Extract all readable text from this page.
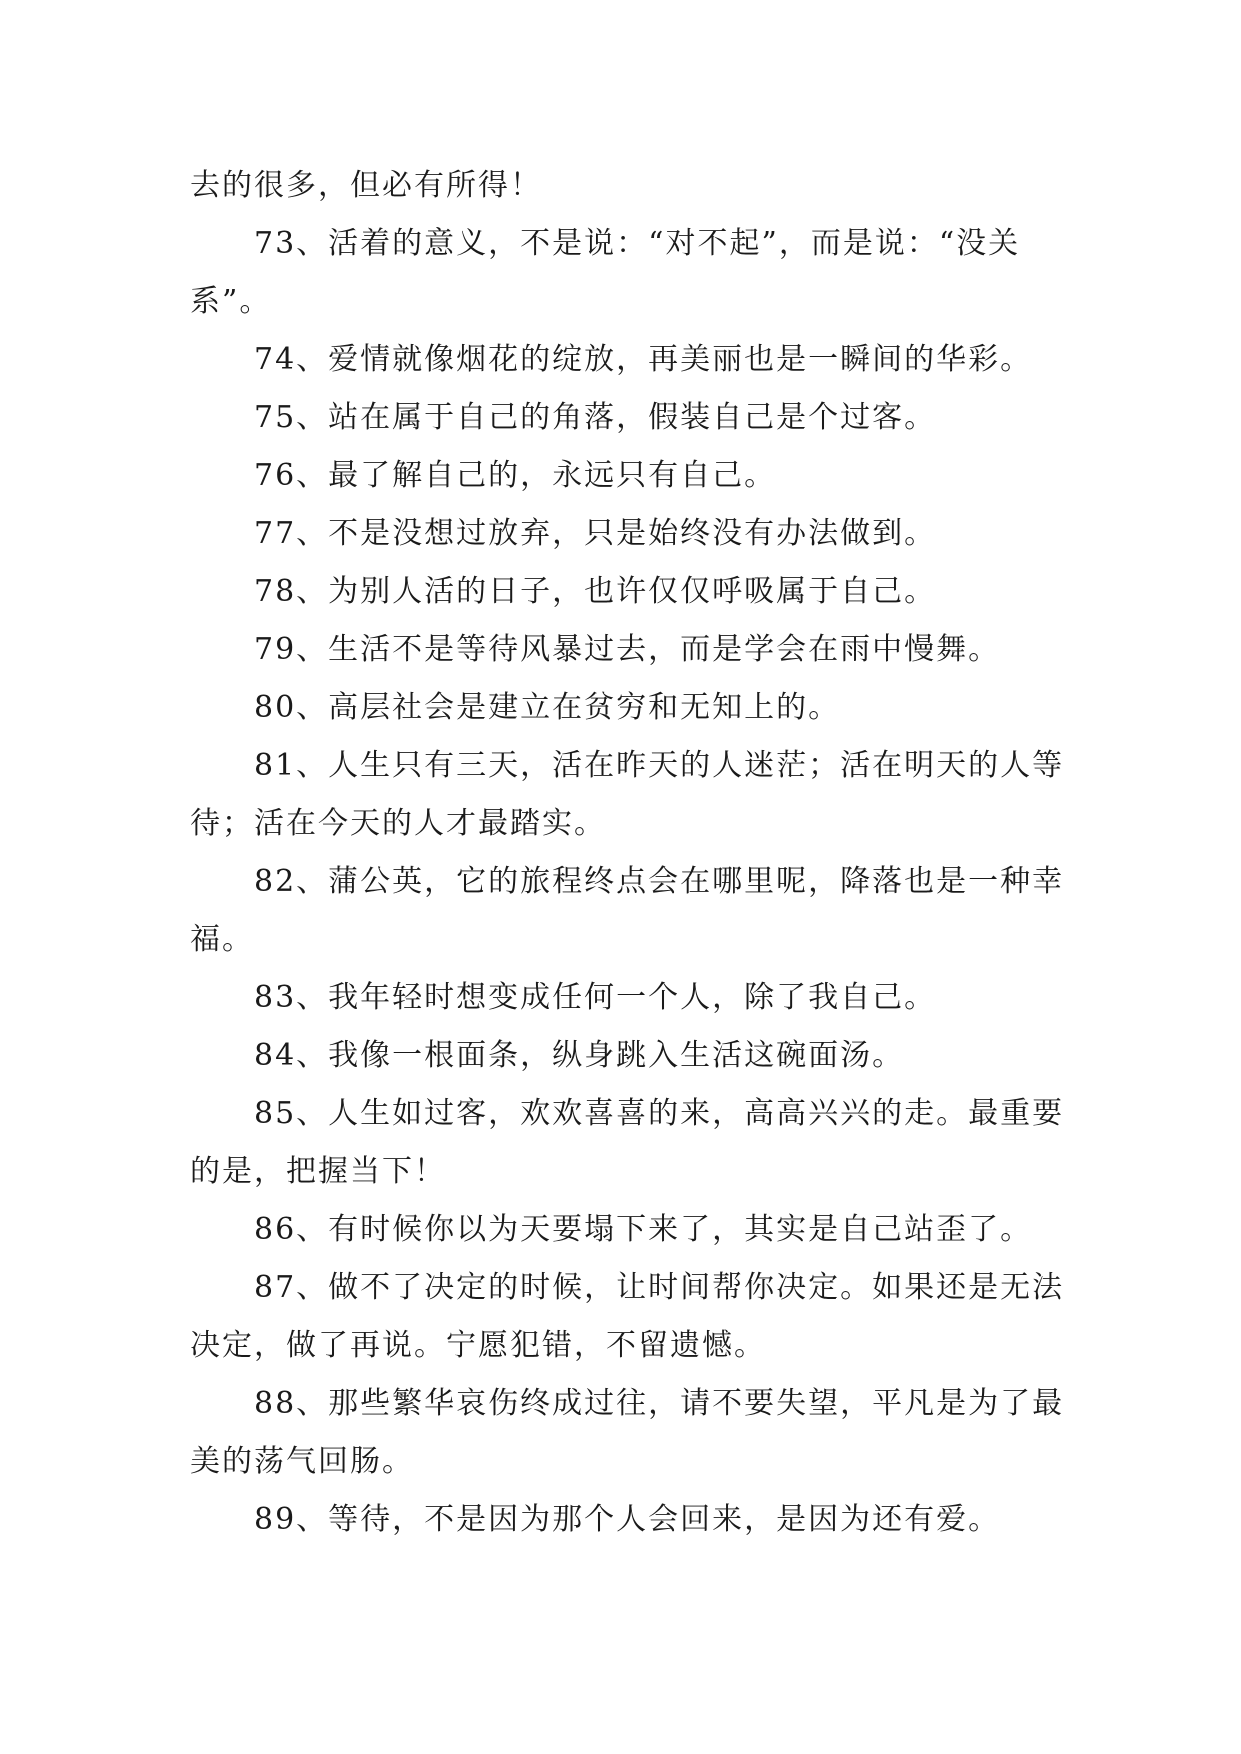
去的很多，但必有所得！

73、活着的意义，不是说：“对不起”，而是说：“没关系”。

74、爱情就像烟花的绽放，再美丽也是一瞬间的华彩。

75、站在属于自己的角落，假装自己是个过客。

76、最了解自己的，永远只有自己。

77、不是没想过放弃，只是始终没有办法做到。

78、为别人活的日子，也许仅仅呼吸属于自己。

79、生活不是等待风暴过去，而是学会在雨中慢舞。

80、高层社会是建立在贫穷和无知上的。

81、人生只有三天，活在昨天的人迷茫；活在明天的人等待；活在今天的人才最踏实。

82、蒲公英，它的旅程终点会在哪里呢，降落也是一种幸福。

83、我年轻时想变成任何一个人，除了我自己。

84、我像一根面条，纵身跳入生活这碗面汤。

85、人生如过客，欢欢喜喜的来，高高兴兴的走。最重要的是，把握当下！

86、有时候你以为天要塌下来了，其实是自己站歪了。

87、做不了决定的时候，让时间帮你决定。如果还是无法决定，做了再说。宁愿犯错，不留遗憾。

88、那些繁华哀伤终成过往，请不要失望，平凡是为了最美的荡气回肠。

89、等待，不是因为那个人会回来，是因为还有爱。
